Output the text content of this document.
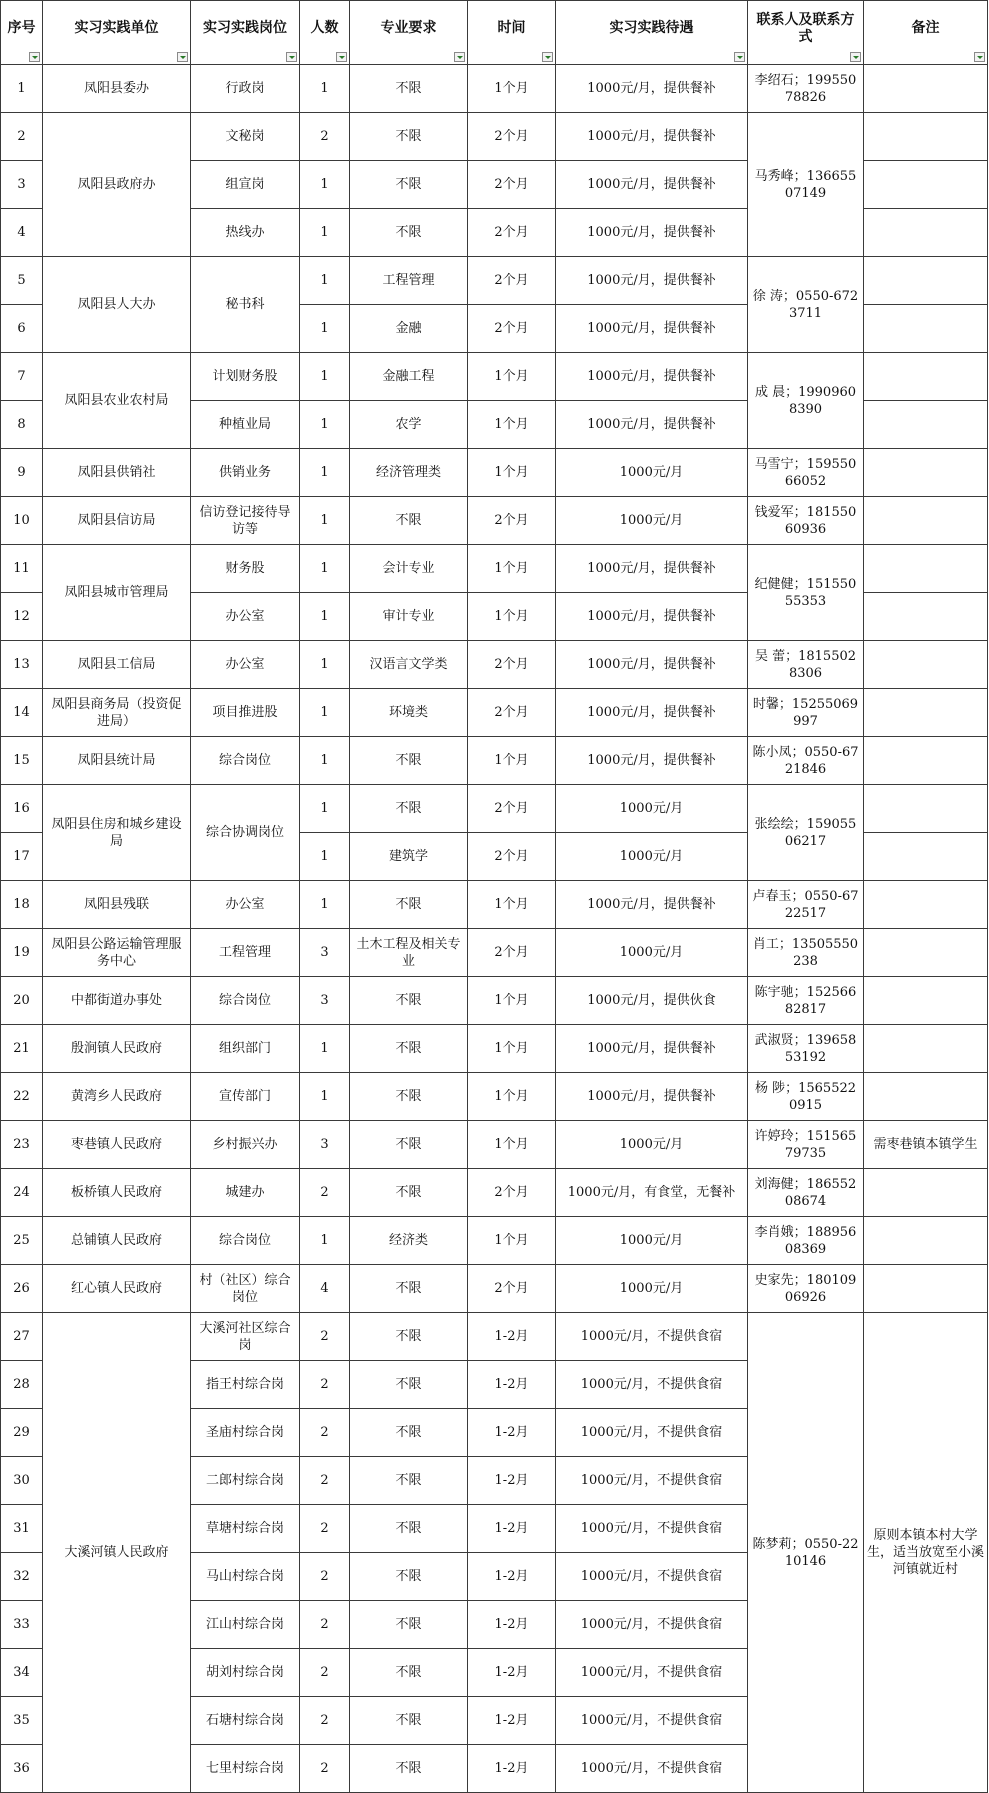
序号	实习实践单位	实习实践岗位	人数	专业要求	时间	实习实践待遇	联系人及联系方式	备注

1	凤阳县委办	行政岗	1	不限	1个月	1000元/月，提供餐补	李绍石；19955078826	
2	凤阳县政府办	文秘岗	2	不限	2个月	1000元/月，提供餐补	马秀峰；13665507149	
3		组宣岗	1	不限	2个月	1000元/月，提供餐补		
4		热线办	1	不限	2个月	1000元/月，提供餐补		
5	凤阳县人大办	秘书科	1	工程管理	2个月	1000元/月，提供餐补	徐 涛；0550-6723711	
6			1	金融	2个月	1000元/月，提供餐补		
7	凤阳县农业农村局	计划财务股	1	金融工程	1个月	1000元/月，提供餐补	成 晨；19909608390	
8		种植业局	1	农学	1个月	1000元/月，提供餐补		
9	凤阳县供销社	供销业务	1	经济管理类	1个月	1000元/月	马雪宁；15955066052	
10	凤阳县信访局	信访登记接待导访等	1	不限	2个月	1000元/月	钱爱军；18155060936	
11	凤阳县城市管理局	财务股	1	会计专业	1个月	1000元/月，提供餐补	纪健健；15155055353	
12		办公室	1	审计专业	1个月	1000元/月，提供餐补		
13	凤阳县工信局	办公室	1	汉语言文学类	2个月	1000元/月，提供餐补	吴 蕾；18155028306	
14	凤阳县商务局（投资促进局）	项目推进股	1	环境类	2个月	1000元/月，提供餐补	时馨；15255069997	
15	凤阳县统计局	综合岗位	1	不限	1个月	1000元/月，提供餐补	陈小凤；0550-6721846	
16	凤阳县住房和城乡建设局	综合协调岗位	1	不限	2个月	1000元/月	张绘绘；15905506217	
17			1	建筑学	2个月	1000元/月		
18	凤阳县残联	办公室	1	不限	1个月	1000元/月，提供餐补	卢春玉；0550-6722517	
19	凤阳县公路运输管理服务中心	工程管理	3	土木工程及相关专业	2个月	1000元/月	肖工；13505550238	
20	中都街道办事处	综合岗位	3	不限	1个月	1000元/月，提供伙食	陈宇驰；15256682817	
21	殷涧镇人民政府	组织部门	1	不限	1个月	1000元/月，提供餐补	武淑贤；13965853192	
22	黄湾乡人民政府	宣传部门	1	不限	1个月	1000元/月，提供餐补	杨 陟；15655220915	
23	枣巷镇人民政府	乡村振兴办	3	不限	1个月	1000元/月	许婷玲；15156579735	需枣巷镇本镇学生
24	板桥镇人民政府	城建办	2	不限	2个月	1000元/月，有食堂，无餐补	刘海健；18655208674	
25	总铺镇人民政府	综合岗位	1	经济类	1个月	1000元/月	李肖娥；18895608369	
26	红心镇人民政府	村（社区）综合岗位	4	不限	2个月	1000元/月	史家先；18010906926	
27	大溪河镇人民政府	大溪河社区综合岗	2	不限	1-2月	1000元/月，不提供食宿	陈梦莉；0550-2210146	原则本镇本村大学生，适当放宽至小溪河镇就近村
28		指王村综合岗	2	不限	1-2月	1000元/月，不提供食宿		
29		圣庙村综合岗	2	不限	1-2月	1000元/月，不提供食宿		
30		二郎村综合岗	2	不限	1-2月	1000元/月，不提供食宿		
31		草塘村综合岗	2	不限	1-2月	1000元/月，不提供食宿		
32		马山村综合岗	2	不限	1-2月	1000元/月，不提供食宿		
33		江山村综合岗	2	不限	1-2月	1000元/月，不提供食宿		
34		胡刘村综合岗	2	不限	1-2月	1000元/月，不提供食宿		
35		石塘村综合岗	2	不限	1-2月	1000元/月，不提供食宿		
36		七里村综合岗	2	不限	1-2月	1000元/月，不提供食宿		
